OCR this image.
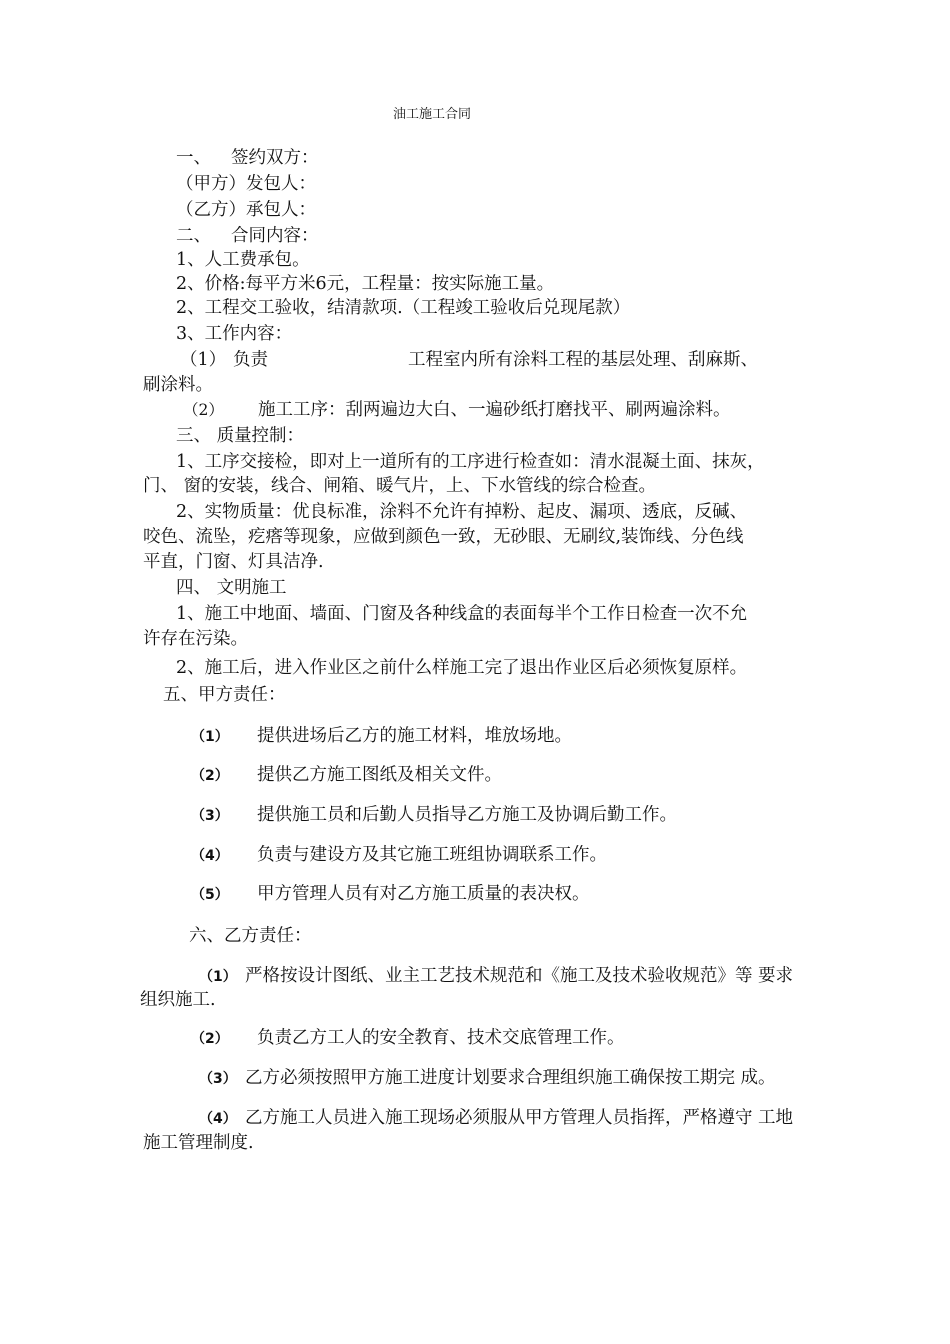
油工施工合同
一、 签约双方：
（甲方）发包人：
（乙方）承包人：
二、 合同内容：
1、人工费承包。
2、价格:每平方米6元，工程量：按实际施工量。
2、工程交工验收，结清款项.（工程竣工验收后兑现尾款）
3、工作内容：
（1） 负责	工程室内所有涂料工程的基层处理、刮麻斯、
刷涂料。
（2） 施工工序：刮两遍边大白、一遍砂纸打磨找平、刷两遍涂料。
三、 质量控制：
1、工序交接检，即对上一道所有的工序进行检查如：清水混凝土面、抹灰，
门、 窗的安装，线合、闸箱、暖气片，上、下水管线的综合检查。
2、实物质量：优良标准，涂料不允许有掉粉、起皮、漏项、透底，反碱、
咬色、流坠，疙瘩等现象，应做到颜色一致，无砂眼、无刷纹,装饰线、分色线
平直，门窗、灯具洁净.
四、 文明施工
1、施工中地面、墙面、门窗及各种线盒的表面每半个工作日检查一次不允
许存在污染。
2、施工后，进入作业区之前什么样施工完了退出作业区后必须恢复原样。
五、甲方责任：
（1） 提供进场后乙方的施工材料，堆放场地。
（2） 提供乙方施工图纸及相关文件。
（3） 提供施工员和后勤人员指导乙方施工及协调后勤工作。
（4） 负责与建设方及其它施工班组协调联系工作。
（5） 甲方管理人员有对乙方施工质量的表决权。
六、乙方责任：
（1） 严格按设计图纸、业主工艺技术规范和《施工及技术验收规范》等 要求
组织施工.
（2） 负责乙方工人的安全教育、技术交底管理工作。
（3） 乙方必须按照甲方施工进度计划要求合理组织施工确保按工期完 成。
（4） 乙方施工人员进入施工现场必须服从甲方管理人员指挥，严格遵守 工地
施工管理制度.
